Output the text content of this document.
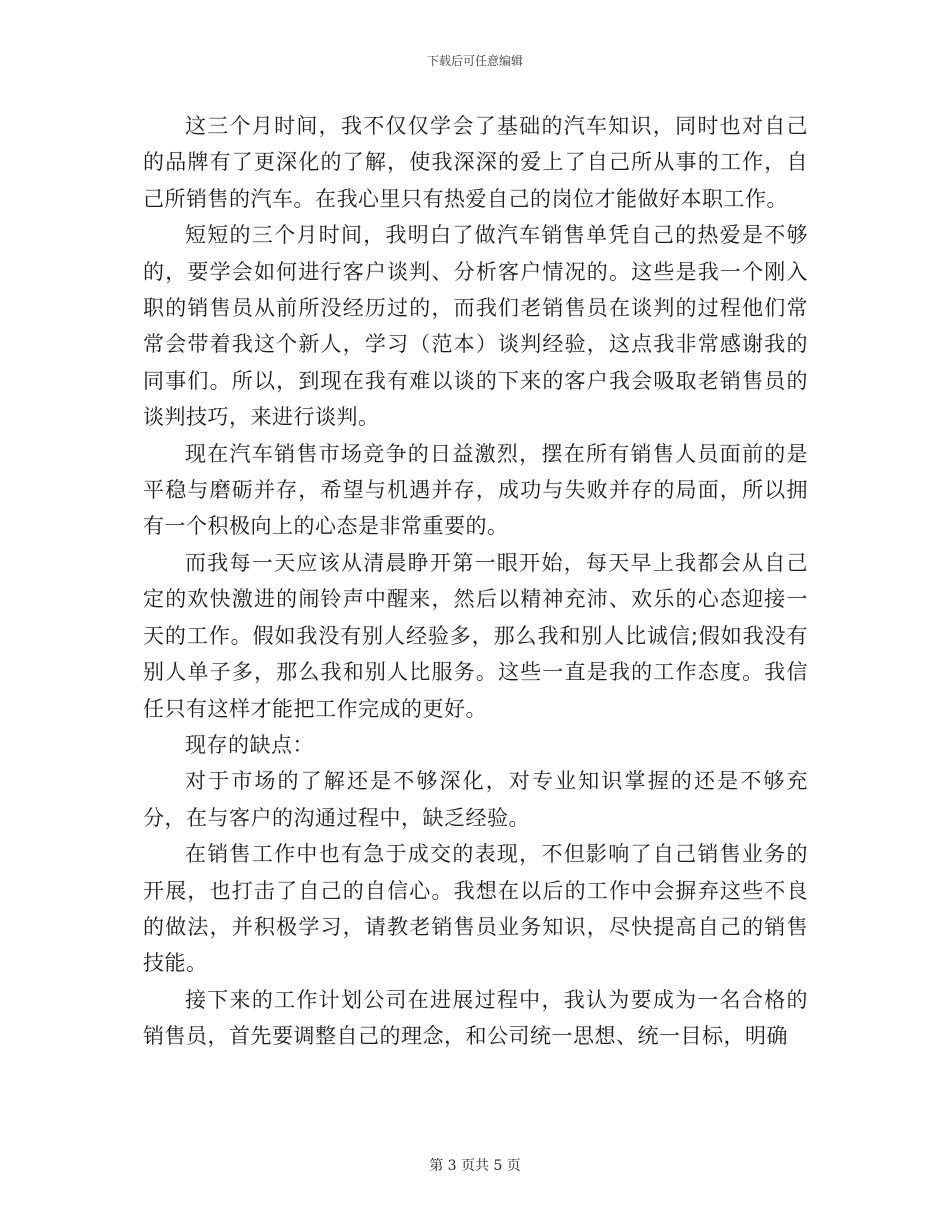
下载后可任意编辑

这三个月时间，我不仅仅学会了基础的汽车知识，同时也对自己的品牌有了更深化的了解，使我深深的爱上了自己所从事的工作，自己所销售的汽车。在我心里只有热爱自己的岗位才能做好本职工作。

短短的三个月时间，我明白了做汽车销售单凭自己的热爱是不够的，要学会如何进行客户谈判、分析客户情况的。这些是我一个刚入职的销售员从前所没经历过的，而我们老销售员在谈判的过程他们常常会带着我这个新人，学习（范本）谈判经验，这点我非常感谢我的同事们。所以，到现在我有难以谈的下来的客户我会吸取老销售员的谈判技巧，来进行谈判。

现在汽车销售市场竞争的日益激烈，摆在所有销售人员面前的是平稳与磨砺并存，希望与机遇并存，成功与失败并存的局面，所以拥有一个积极向上的心态是非常重要的。

而我每一天应该从清晨睁开第一眼开始，每天早上我都会从自己定的欢快激进的闹铃声中醒来，然后以精神充沛、欢乐的心态迎接一天的工作。假如我没有别人经验多，那么我和别人比诚信;假如我没有别人单子多，那么我和别人比服务。这些一直是我的工作态度。我信任只有这样才能把工作完成的更好。

现存的缺点：

对于市场的了解还是不够深化，对专业知识掌握的还是不够充分，在与客户的沟通过程中，缺乏经验。

在销售工作中也有急于成交的表现，不但影响了自己销售业务的开展，也打击了自己的自信心。我想在以后的工作中会摒弃这些不良的做法，并积极学习，请教老销售员业务知识，尽快提高自己的销售技能。

接下来的工作计划公司在进展过程中，我认为要成为一名合格的销售员，首先要调整自己的理念，和公司统一思想、统一目标，明确

第 3 页共 5 页
